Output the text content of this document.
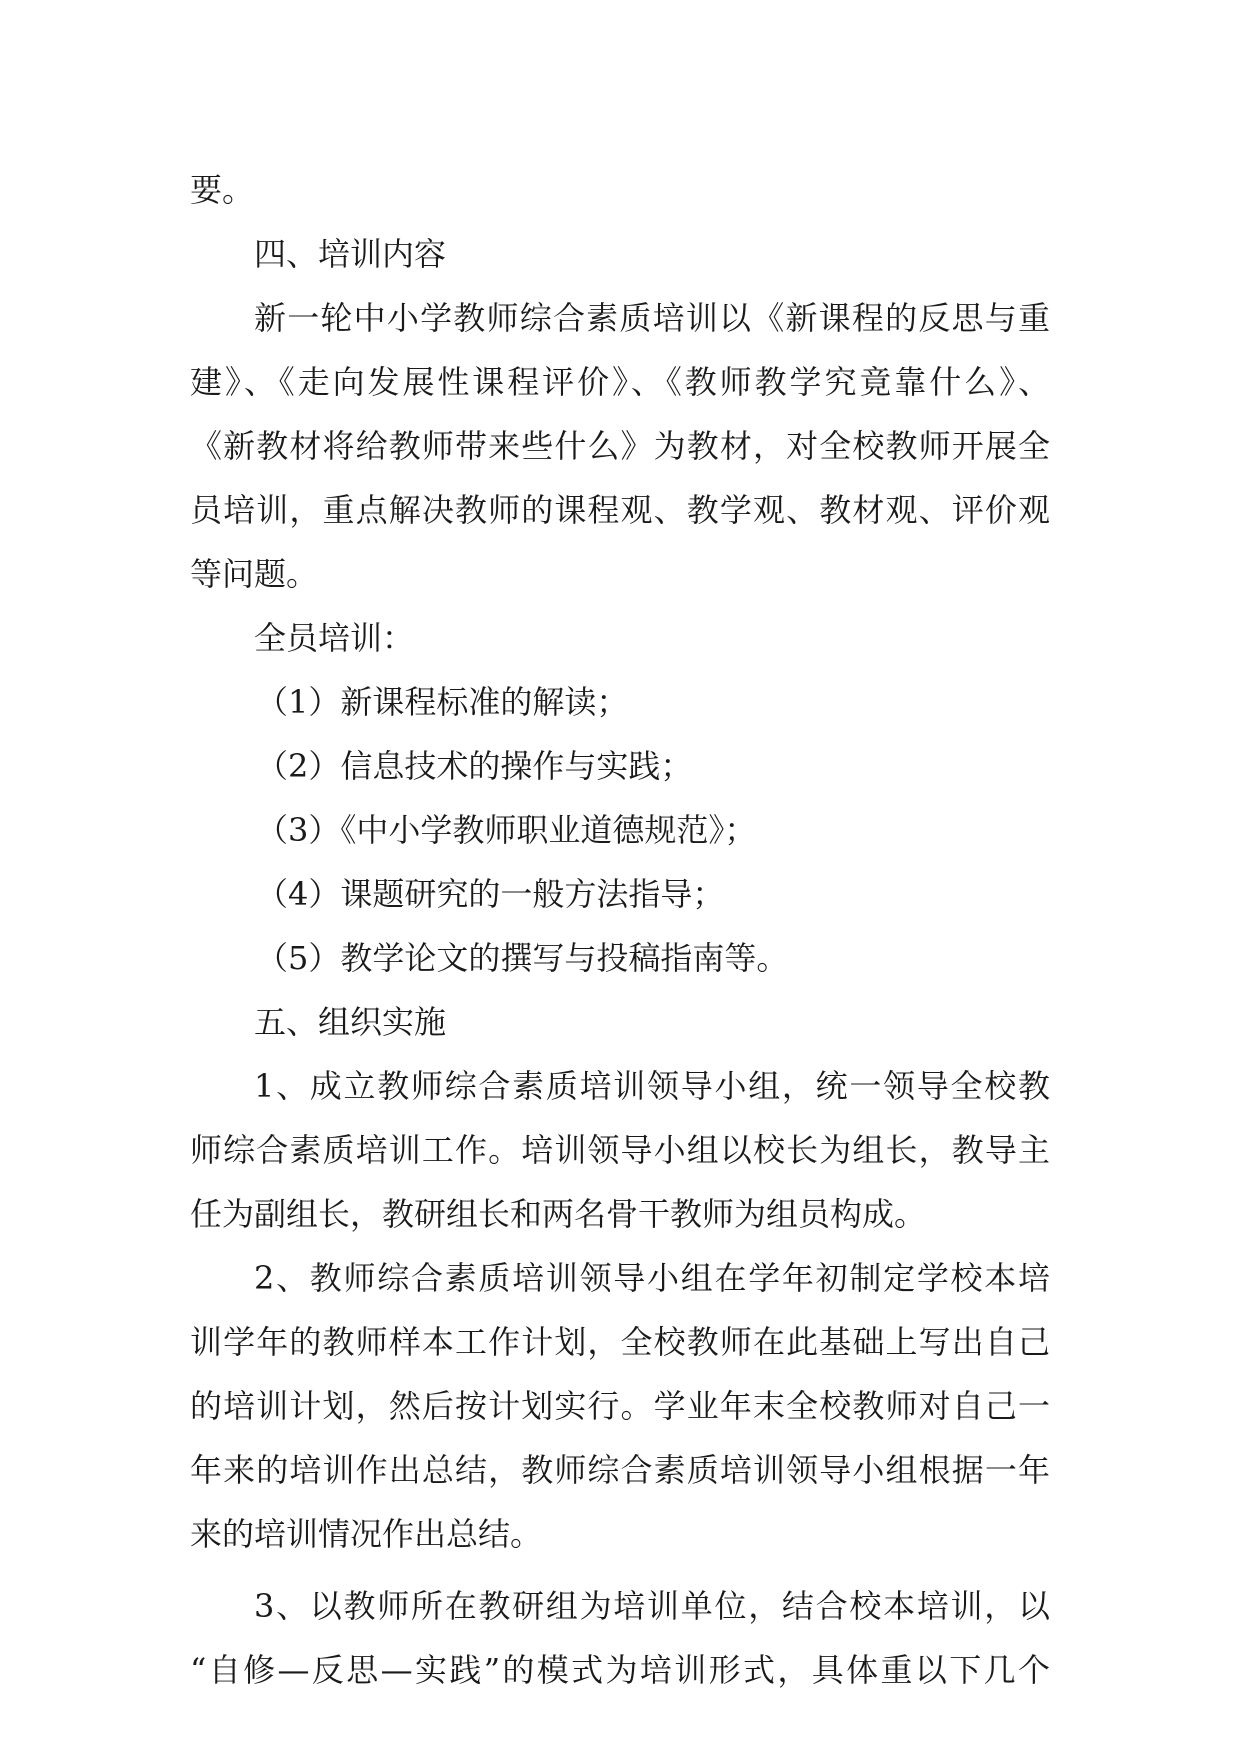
要。
四、培训内容
新一轮中小学教师综合素质培训以《新课程的反思与重
建》、《走向发展性课程评价》、《教师教学究竟靠什么》、
《新教材将给教师带来些什么》为教材，对全校教师开展全
员培训，重点解决教师的课程观、教学观、教材观、评价观
等问题。
全员培训：
（1）新课程标准的解读；
（2）信息技术的操作与实践；
（3）《中小学教师职业道德规范》；
（4）课题研究的一般方法指导；
（5）教学论文的撰写与投稿指南等。
五、组织实施
1、成立教师综合素质培训领导小组，统一领导全校教
师综合素质培训工作。培训领导小组以校长为组长，教导主
任为副组长，教研组长和两名骨干教师为组员构成。
2、教师综合素质培训领导小组在学年初制定学校本培
训学年的教师样本工作计划，全校教师在此基础上写出自己
的培训计划，然后按计划实行。学业年末全校教师对自己一
年来的培训作出总结，教师综合素质培训领导小组根据一年
来的培训情况作出总结。
3、以教师所在教研组为培训单位，结合校本培训，以
“自修—反思—实践”的模式为培训形式，具体重以下几个
